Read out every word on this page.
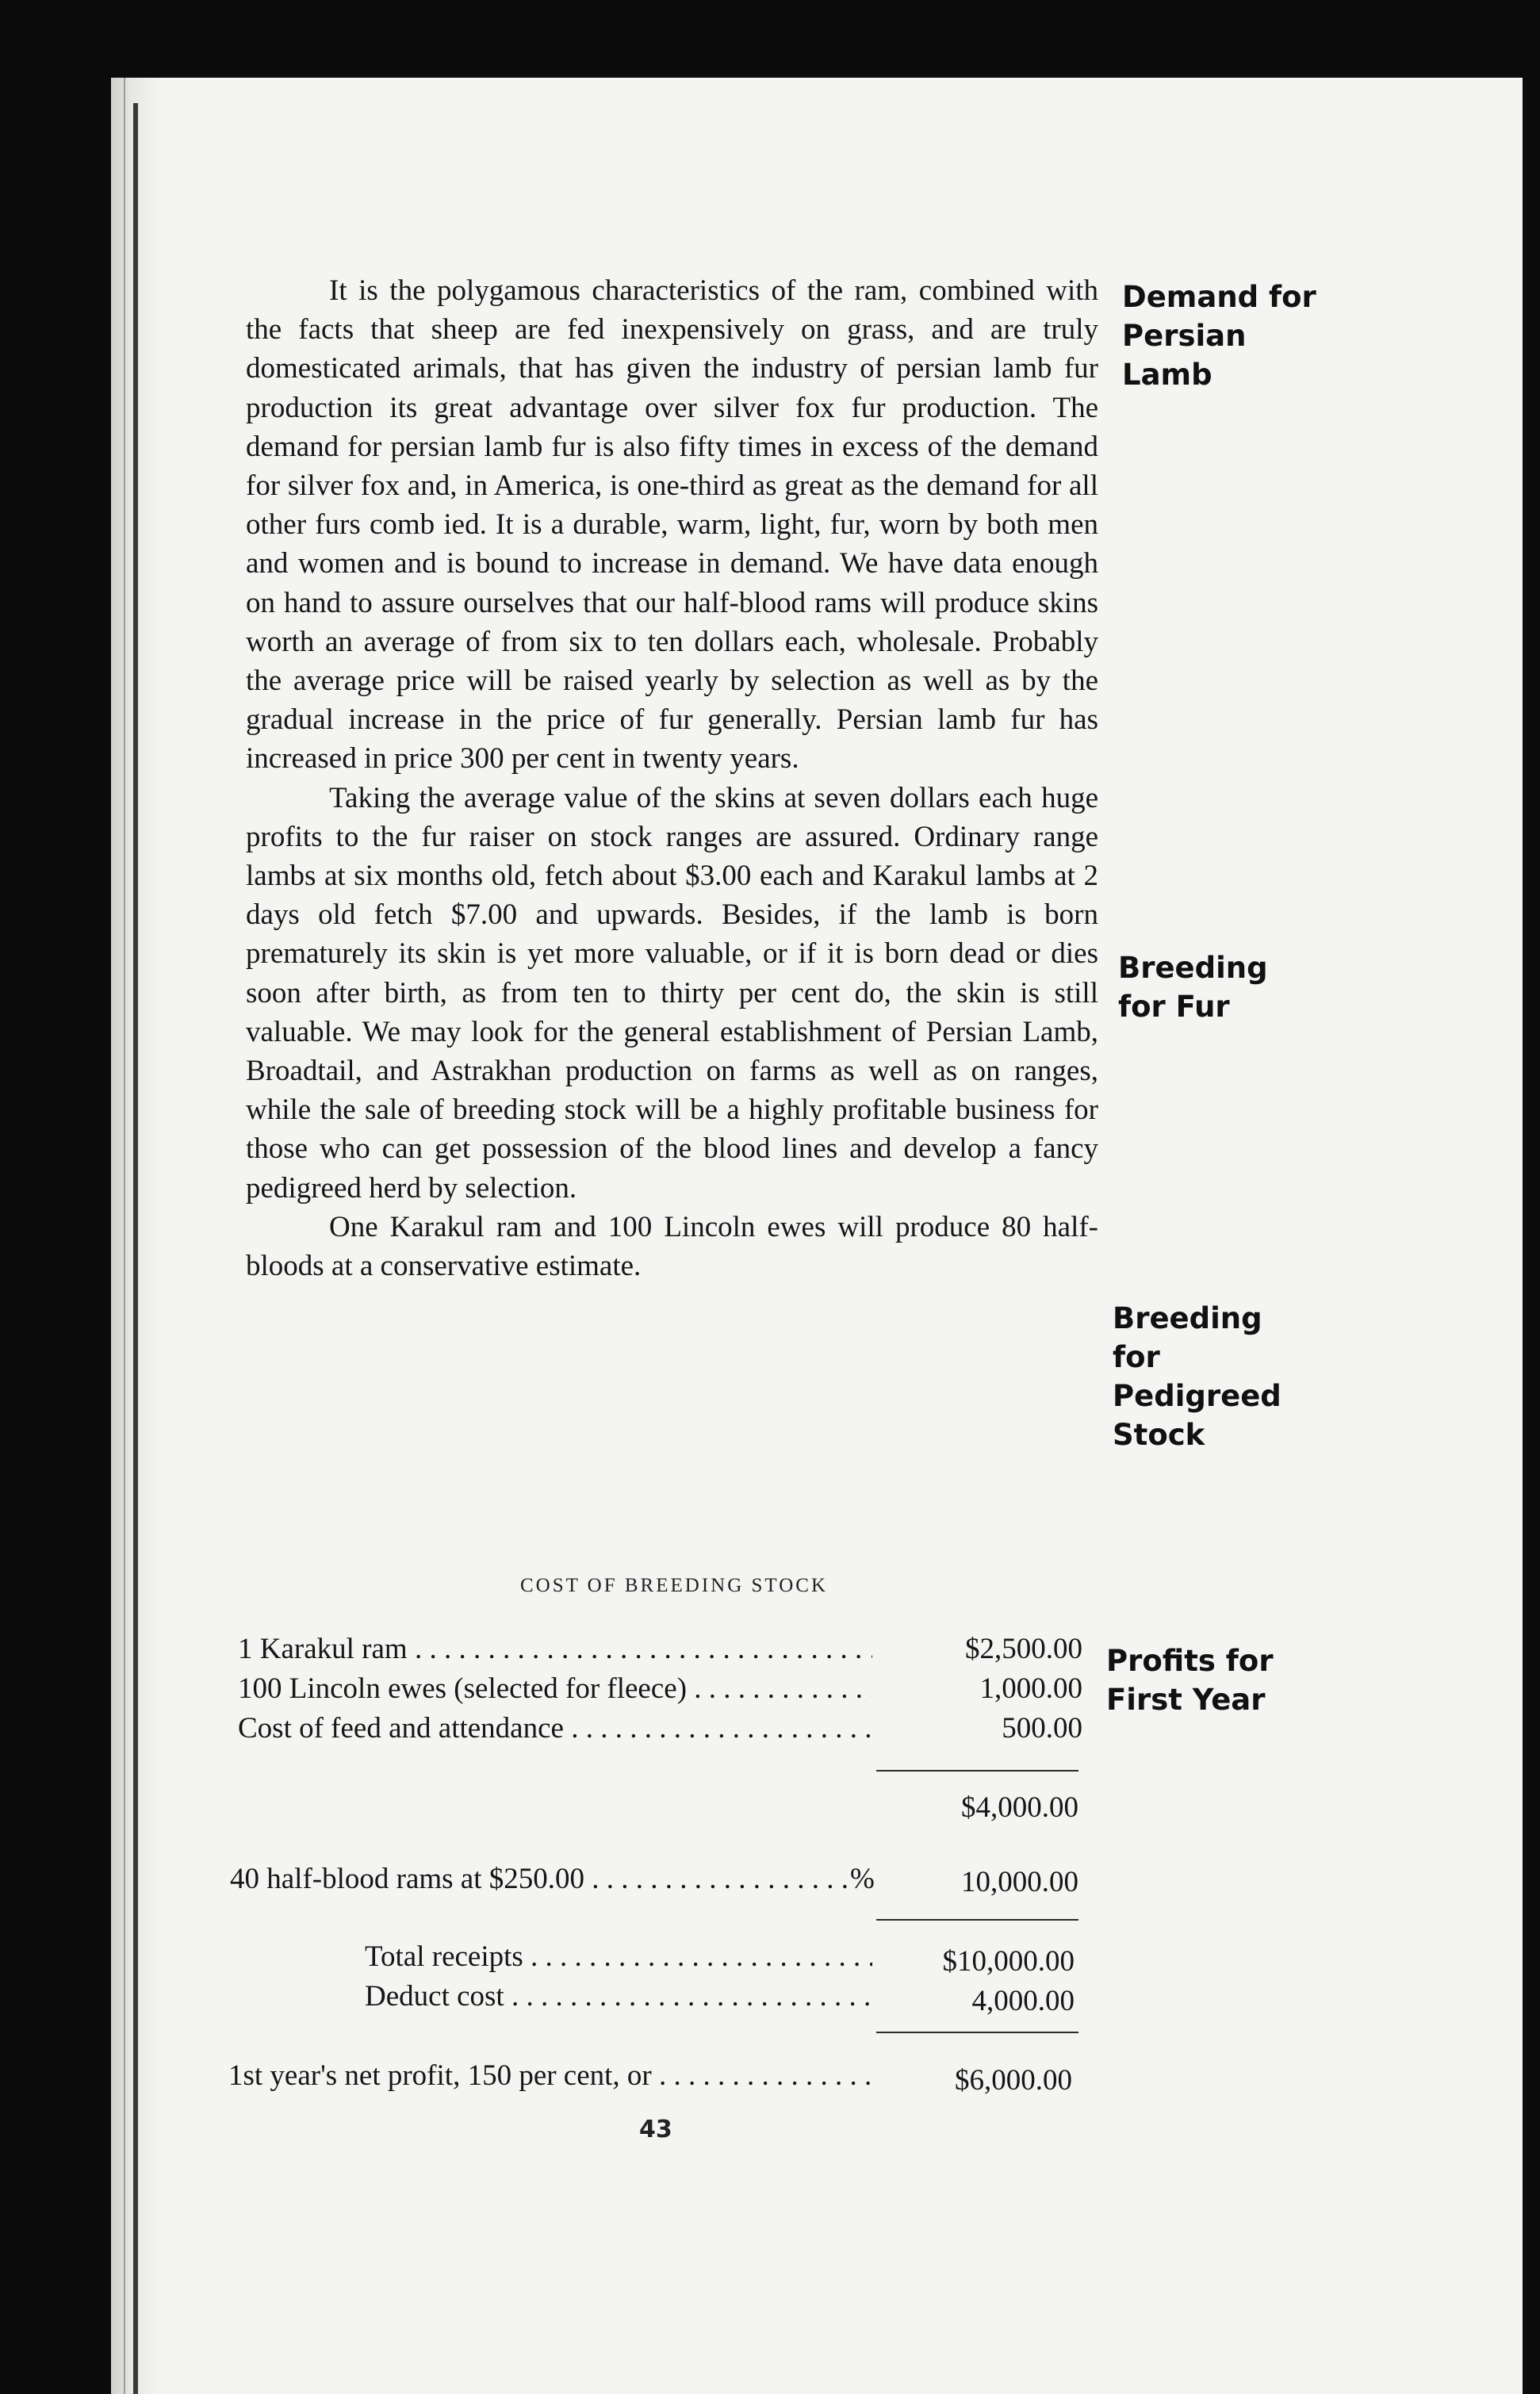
It is the polygamous characteristics of the ram, combined with the facts that sheep are fed inexpensively on grass, and are truly domesticated arimals, that has given the industry of persian lamb fur production its great advantage over silver fox fur production. The demand for persian lamb fur is also fifty times in excess of the demand for silver fox and, in America, is one-third as great as the demand for all other furs comb ied. It is a durable, warm, light, fur, worn by both men and women and is bound to increase in demand. We have data enough on hand to assure ourselves that our half-blood rams will produce skins worth an average of from six to ten dollars each, wholesale. Probably the average price will be raised yearly by selection as well as by the gradual increase in the price of fur generally. Persian lamb fur has increased in price 300 per cent in twenty years.

Taking the average value of the skins at seven dollars each huge profits to the fur raiser on stock ranges are assured. Ordinary range lambs at six months old, fetch about $3.00 each and Karakul lambs at 2 days old fetch $7.00 and upwards. Besides, if the lamb is born prematurely its skin is yet more valuable, or if it is born dead or dies soon after birth, as from ten to thirty per cent do, the skin is still valuable. We may look for the general establishment of Persian Lamb, Broadtail, and Astrakhan production on farms as well as on ranges, while the sale of breeding stock will be a highly profitable business for those who can get possession of the blood lines and develop a fancy pedigreed herd by selection.

One Karakul ram and 100 Lincoln ewes will produce 80 half-bloods at a conservative estimate.

Demand for
Persian
Lamb
Breeding
for Fur
Breeding
for
Pedigreed
Stock
Profits for
First Year
COST OF BREEDING STOCK
1 Karakul ram . . .	$2,500.00
100 Lincoln ewes (selected for fleece) . . .	1,000.00
Cost of feed and attendance . . .	500.00
$4,000.00
40 half-blood rams at $250.00 . . .	%	10,000.00
Total receipts . . .	$10,000.00
Deduct cost . . .	4,000.00
1st year's net profit, 150 per cent, or . . .	$6,000.00
43
